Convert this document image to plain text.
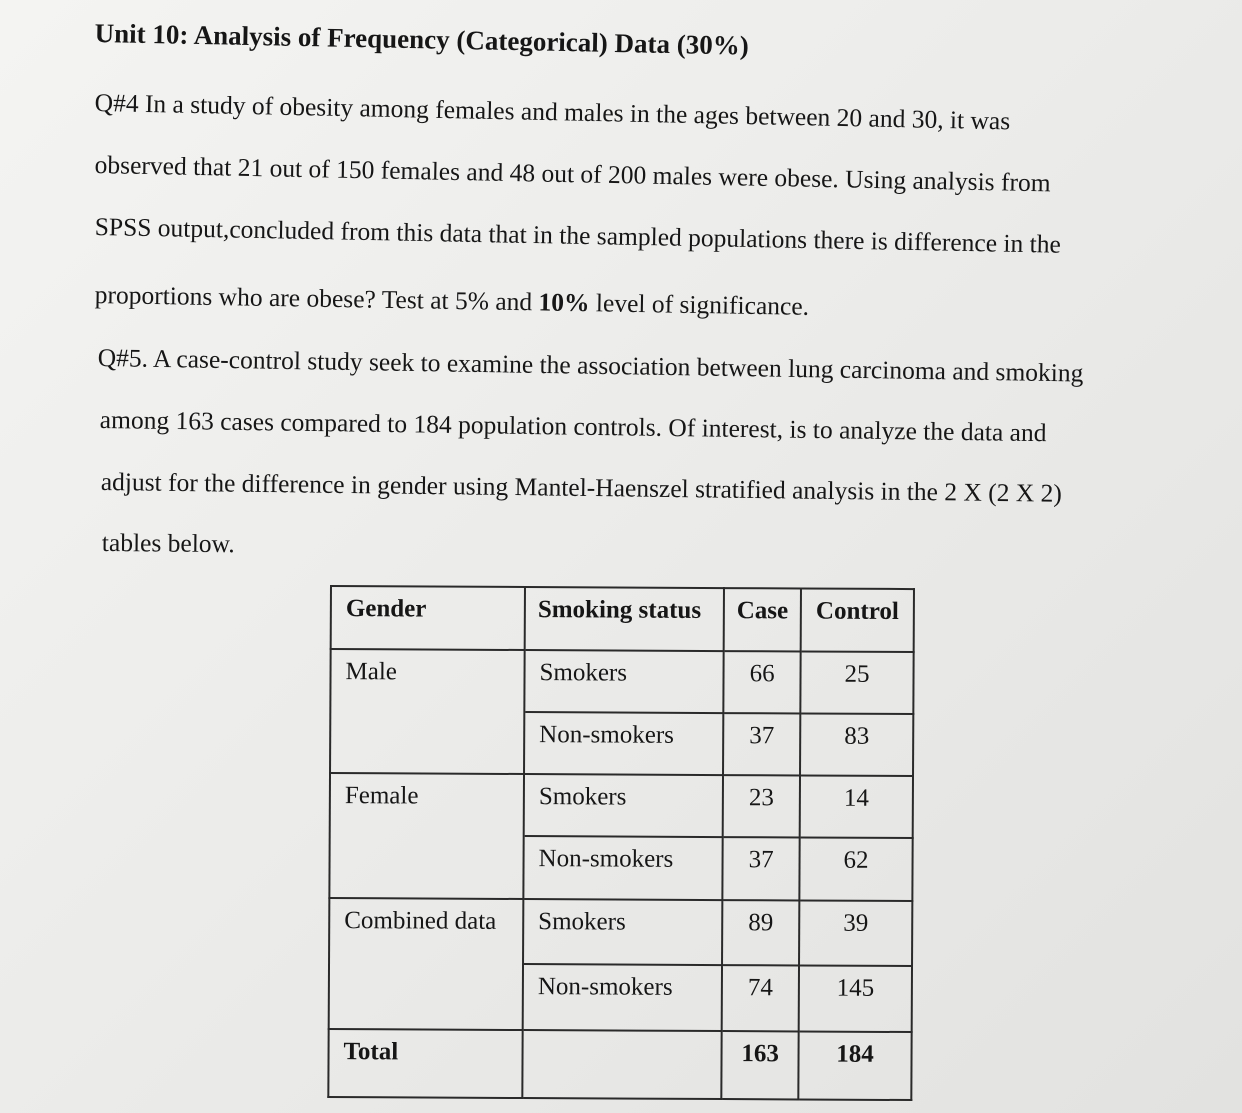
Unit 10: Analysis of Frequency (Categorical) Data (30%)
Q#4 In a study of obesity among females and males in the ages between 20 and 30, it was
observed that 21 out of 150 females and 48 out of 200 males were obese. Using analysis from
SPSS output,concluded from this data that in the sampled populations there is difference in the
proportions who are obese? Test at 5% and 10% level of significance.
Q#5. A case-control study seek to examine the association between lung carcinoma and smoking
among 163 cases compared to 184 population controls. Of interest, is to analyze the data and
adjust for the difference in gender using Mantel-Haenszel stratified analysis in the 2 X (2 X 2)
tables below.
Gender	Smoking status	Case	Control
Male	Smokers	66	25
	Non-smokers	37	83
Female	Smokers	23	14
	Non-smokers	37	62
Combined data	Smokers	89	39
	Non-smokers	74	145
Total		163	184
